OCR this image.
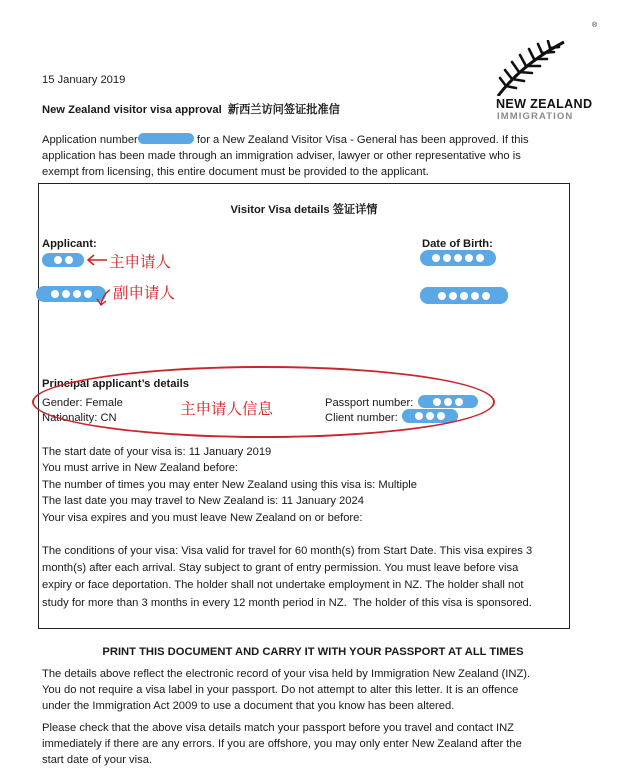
®
NEW ZEALAND
IMMIGRATION
15 January 2019
New Zealand visitor visa approval  新西兰访问签证批准信
Application number	for a New Zealand Visitor Visa - General has been approved. If this
application has been made through an immigration adviser, lawyer or other representative who is
exempt from licensing, this entire document must be provided to the applicant.
Visitor Visa details 签证详情
Applicant:	Date of Birth:
主申请人
副申请人
Principal applicant’s details
Gender: Female
Nationality: CN
Passport number:
Client number:
主申请人信息
The start date of your visa is: 11 January 2019
You must arrive in New Zealand before:
The number of times you may enter New Zealand using this visa is: Multiple
The last date you may travel to New Zealand is: 11 January 2024
Your visa expires and you must leave New Zealand on or before:
The conditions of your visa: Visa valid for travel for 60 month(s) from Start Date. This visa expires 3
month(s) after each arrival. Stay subject to grant of entry permission. You must leave before visa
expiry or face deportation. The holder shall not undertake employment in NZ. The holder shall not
study for more than 3 months in every 12 month period in NZ.  The holder of this visa is sponsored.
PRINT THIS DOCUMENT AND CARRY IT WITH YOUR PASSPORT AT ALL TIMES
The details above reflect the electronic record of your visa held by Immigration New Zealand (INZ).
You do not require a visa label in your passport. Do not attempt to alter this letter. It is an offence
under the Immigration Act 2009 to use a document that you know has been altered.
Please check that the above visa details match your passport before you travel and contact INZ
immediately if there are any errors. If you are offshore, you may only enter New Zealand after the
start date of your visa.
